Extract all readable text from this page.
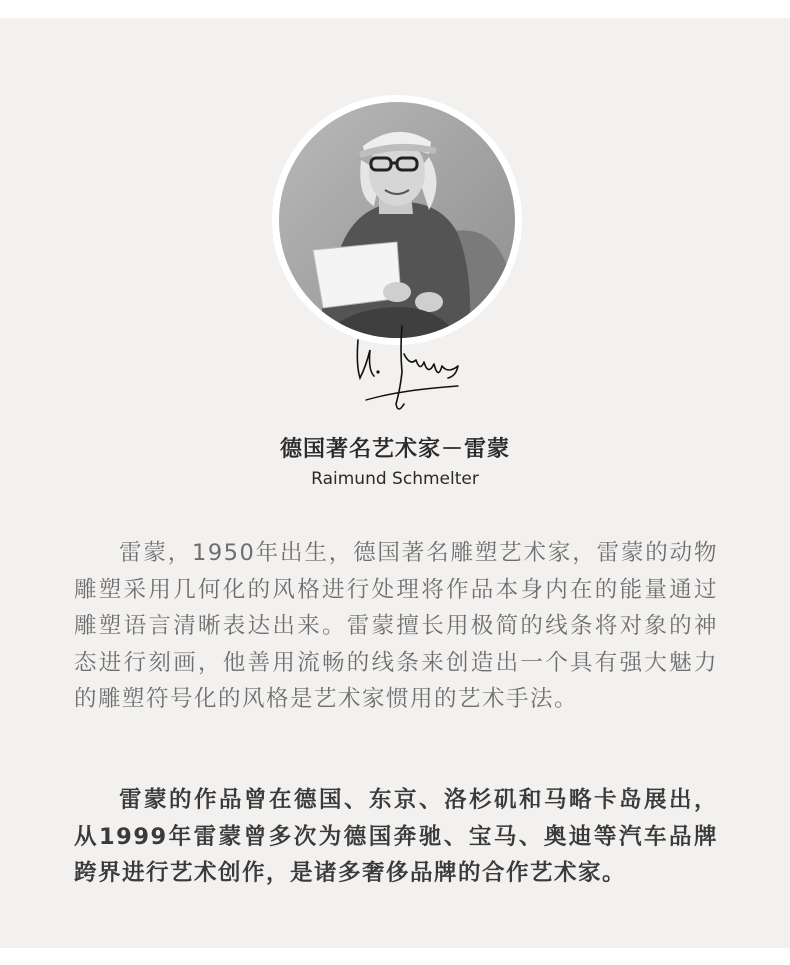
德国著名艺术家－雷蒙
Raimund Schmelter

雷蒙，1950年出生，德国著名雕塑艺术家，雷蒙的动物雕塑采用几何化的风格进行处理将作品本身内在的能量通过雕塑语言清晰表达出来。雷蒙擅长用极简的线条将对象的神态进行刻画，他善用流畅的线条来创造出一个具有强大魅力的雕塑符号化的风格是艺术家惯用的艺术手法。

雷蒙的作品曾在德国、东京、洛杉矶和马略卡岛展出，从1999年雷蒙曾多次为德国奔驰、宝马、奥迪等汽车品牌跨界进行艺术创作，是诸多奢侈品牌的合作艺术家。
